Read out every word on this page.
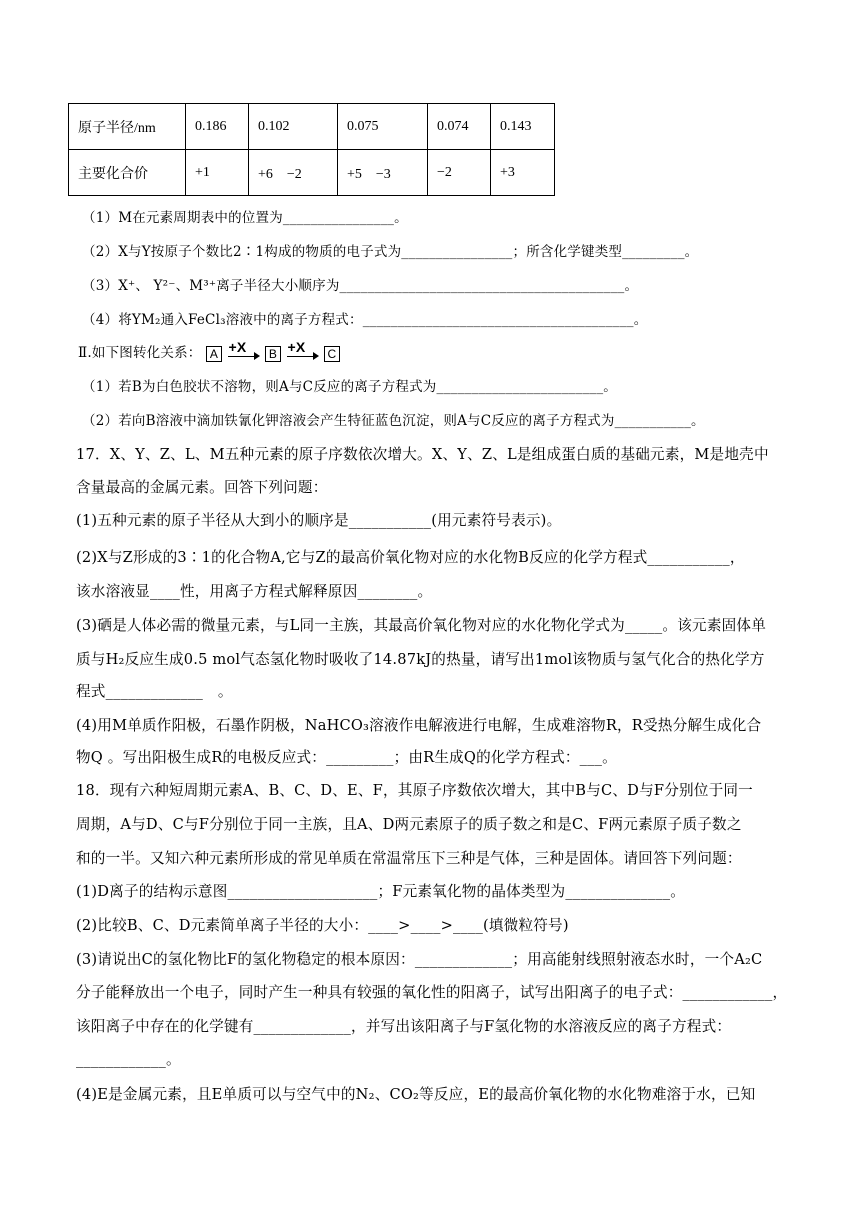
原子半径/nm	0.186	0.102	0.075	0.074	0.143
主要化合价	+1	+6　−2	+5　−3	−2	+3
（1）M在元素周期表中的位置为________________。
（2）X与Y按原子个数比2∶1构成的物质的电子式为________________；所含化学键类型_________。
（3）X⁺、 Y²⁻、M³⁺离子半径大小顺序为_________________________________________。
（4）将YM₂通入FeCl₃溶液中的离子方程式：_______________________________________。
Ⅱ.如下图转化关系： A +X B +X C
（1）若B为白色胶状不溶物，则A与C反应的离子方程式为________________________。
（2）若向B溶液中滴加铁氰化钾溶液会产生特征蓝色沉淀，则A与C反应的离子方程式为___________。
17．X、Y、Z、L、M五种元素的原子序数依次增大。X、Y、Z、L是组成蛋白质的基础元素，M是地壳中
含量最高的金属元素。回答下列问题：
(1)五种元素的原子半径从大到小的顺序是___________(用元素符号表示)。
(2)X与Z形成的3∶1的化合物A,它与Z的最高价氧化物对应的水化物B反应的化学方程式___________，
该水溶液显____性，用离子方程式解释原因________。
(3)硒是人体必需的微量元素，与L同一主族，其最高价氧化物对应的水化物化学式为_____。该元素固体单
质与H₂反应生成0.5 mol气态氢化物时吸收了14.87kJ的热量，请写出1mol该物质与氢气化合的热化学方
程式_____________　。
(4)用M单质作阳极，石墨作阴极，NaHCO₃溶液作电解液进行电解，生成难溶物R，R受热分解生成化合
物Q 。写出阳极生成R的电极反应式：_________；由R生成Q的化学方程式：___。
18．现有六种短周期元素A、B、C、D、E、F，其原子序数依次增大，其中B与C、D与F分别位于同一
周期，A与D、C与F分别位于同一主族，且A、D两元素原子的质子数之和是C、F两元素原子质子数之
和的一半。又知六种元素所形成的常见单质在常温常压下三种是气体，三种是固体。请回答下列问题：
(1)D离子的结构示意图____________________；F元素氧化物的晶体类型为______________。
(2)比较B、C、D元素简单离子半径的大小：____>____>____(填微粒符号)
(3)请说出C的氢化物比F的氢化物稳定的根本原因：_____________；用高能射线照射液态水时，一个A₂C
分子能释放出一个电子，同时产生一种具有较强的氧化性的阳离子，试写出阳离子的电子式：____________，
该阳离子中存在的化学键有_____________，并写出该阳离子与F氢化物的水溶液反应的离子方程式：
____________。
(4)E是金属元素，且E单质可以与空气中的N₂、CO₂等反应，E的最高价氧化物的水化物难溶于水，已知
